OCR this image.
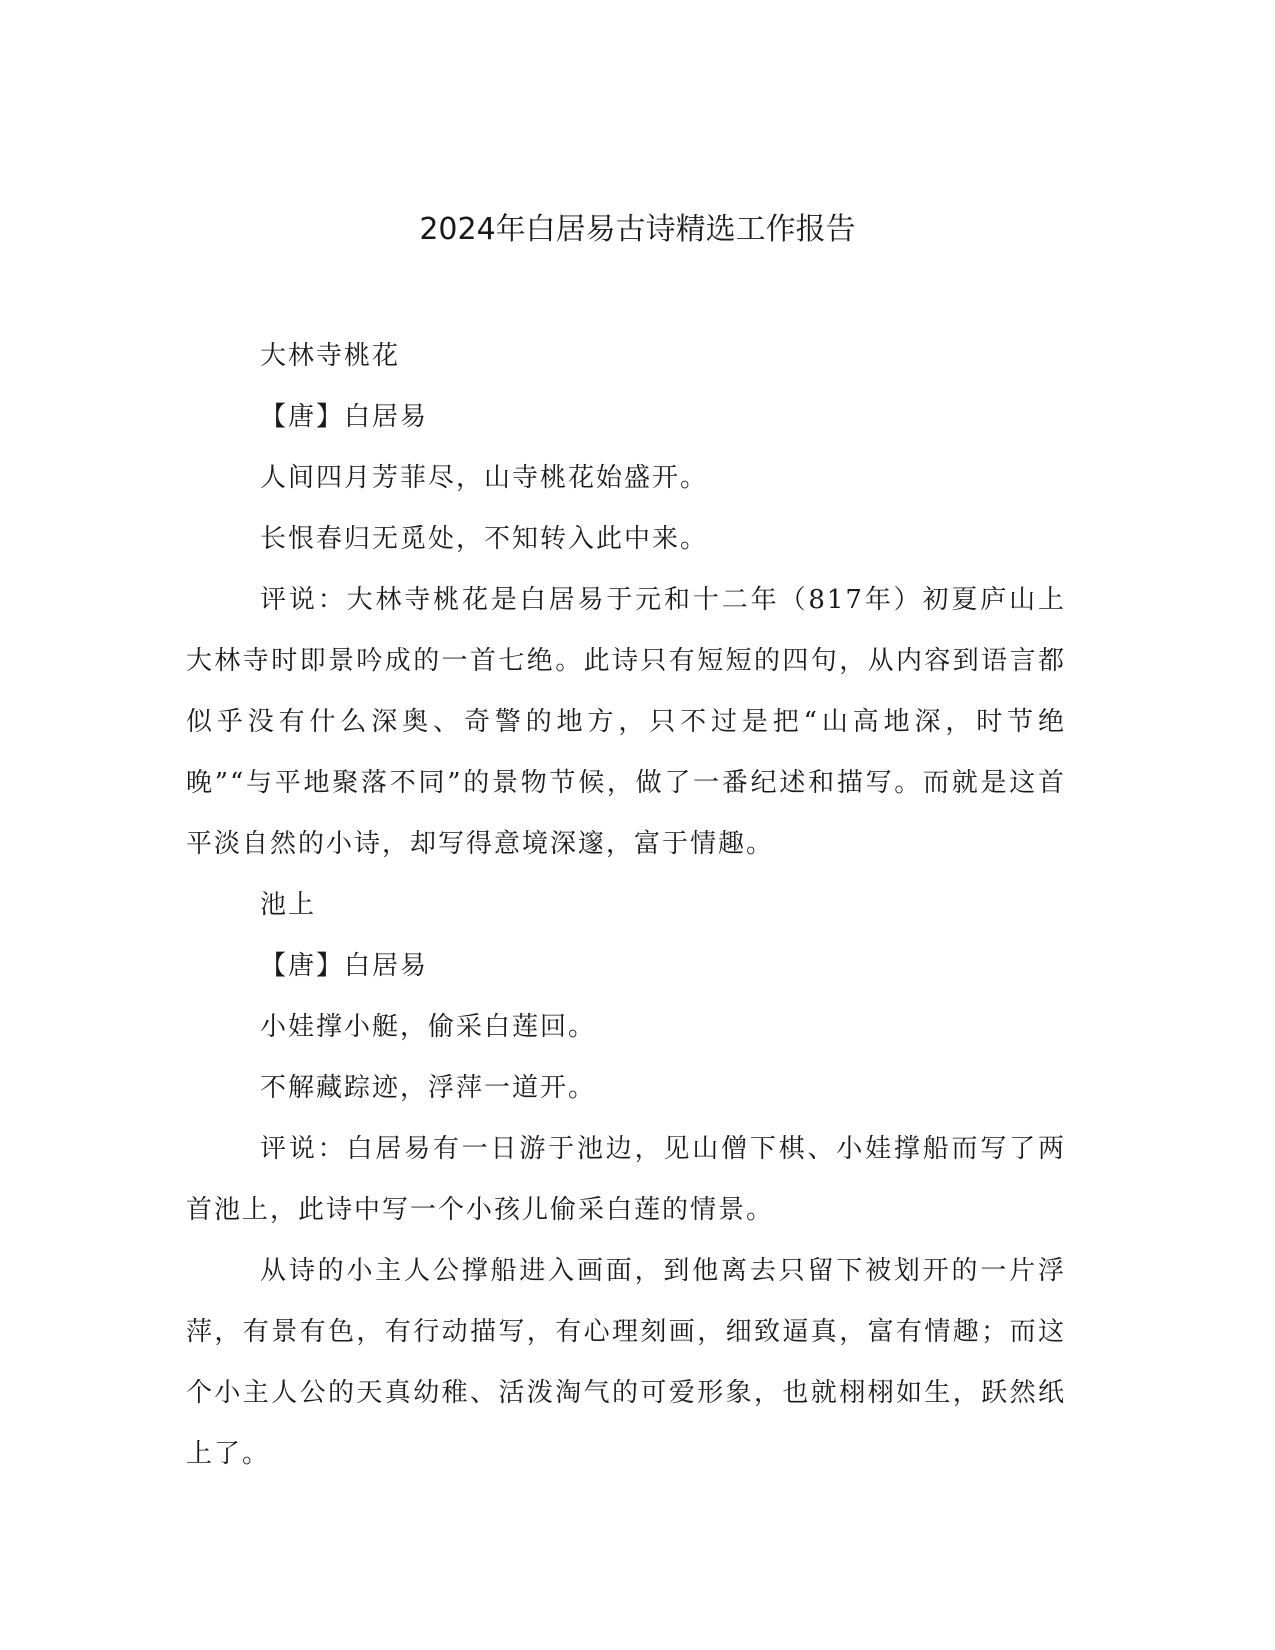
2024年白居易古诗精选工作报告

大林寺桃花

【唐】白居易

人间四月芳菲尽，山寺桃花始盛开。

长恨春归无觅处，不知转入此中来。

评说：大林寺桃花是白居易于元和十二年（817年）初夏庐山上大林寺时即景吟成的一首七绝。此诗只有短短的四句，从内容到语言都似乎没有什么深奥、奇警的地方，只不过是把“山高地深，时节绝晚”“与平地聚落不同”的景物节候，做了一番纪述和描写。而就是这首平淡自然的小诗，却写得意境深邃，富于情趣。

池上

【唐】白居易

小娃撑小艇，偷采白莲回。

不解藏踪迹，浮萍一道开。

评说：白居易有一日游于池边，见山僧下棋、小娃撑船而写了两首池上，此诗中写一个小孩儿偷采白莲的情景。

从诗的小主人公撑船进入画面，到他离去只留下被划开的一片浮萍，有景有色，有行动描写，有心理刻画，细致逼真，富有情趣；而这个小主人公的天真幼稚、活泼淘气的可爱形象，也就栩栩如生，跃然纸上了。
